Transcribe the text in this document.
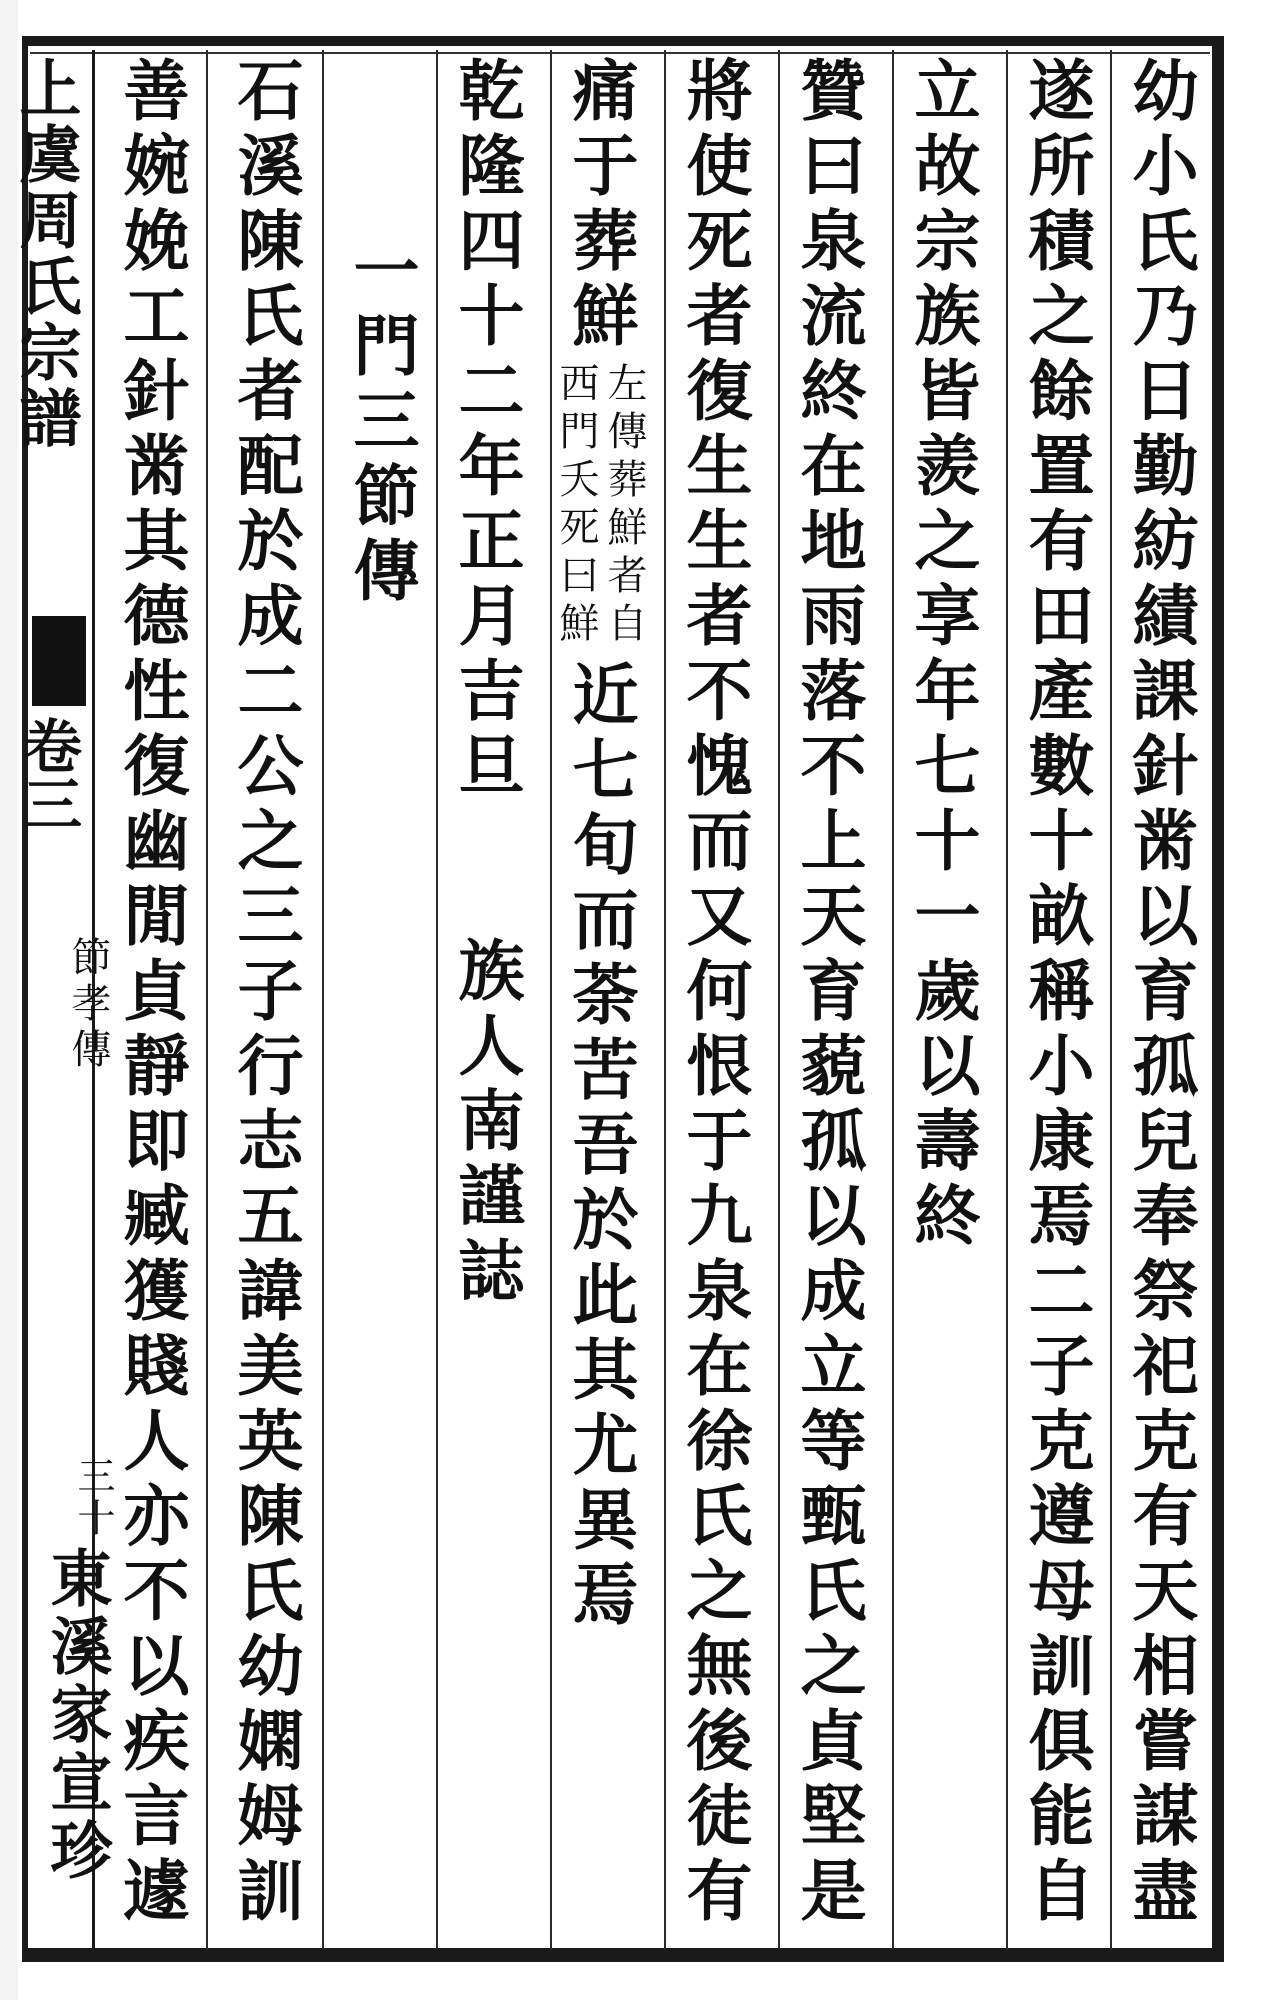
上虞周氏宗譜
卷三
節孝傳
三十
東溪家宣珍	幼小氏乃日勤紡績課針黹以育孤兒奉祭祀克有天相嘗謀盡
遂所積之餘置有田產數十畝稱小康焉二子克遵母訓俱能自
立故宗族皆羨之享年七十一歲以壽終
贊曰泉流終在地雨落不上天育藐孤以成立等甄氏之貞堅是
將使死者復生生者不愧而又何恨于九泉在徐氏之無後徒有
痛于葬鮮
左傳葬鮮者自
西門夭死曰鮮
近七旬而荼苦吾於此其尤異焉
乾隆四十二年正月吉旦
族人南謹誌
一門三節傳
善婉娩工針黹其德性復幽閒貞靜即臧獲賤人亦不以疾言遽 石溪陳氏者配於成二公之三子行志五諱美英陳氏幼嫻姆訓
